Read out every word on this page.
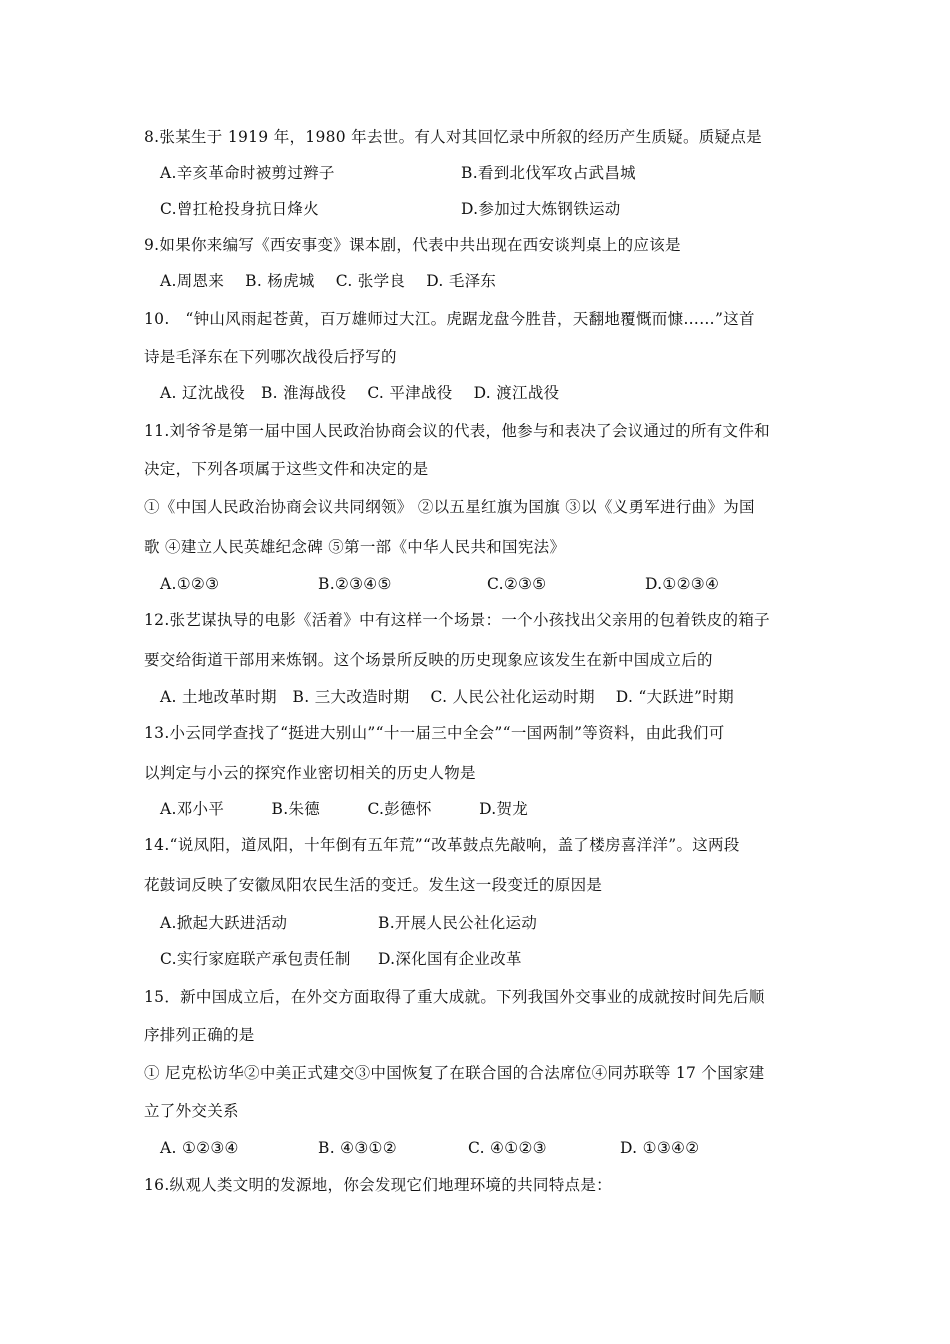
8.张某生于 1919 年，1980 年去世。有人对其回忆录中所叙的经历产生质疑。质疑点是
A.辛亥革命时被剪过辫子	B.看到北伐军攻占武昌城
C.曾扛枪投身抗日烽火	D.参加过大炼钢铁运动
9.如果你来编写《西安事变》课本剧，代表中共出现在西安谈判桌上的应该是
A.周恩来　 B. 杨虎城　 C. 张学良　 D. 毛泽东
10.　“钟山风雨起苍黄，百万雄师过大江。虎踞龙盘今胜昔，天翻地覆慨而慷……”这首
诗是毛泽东在下列哪次战役后抒写的
A. 辽沈战役　B. 淮海战役　 C. 平津战役　 D. 渡江战役
11.刘爷爷是第一届中国人民政治协商会议的代表，他参与和表决了会议通过的所有文件和
决定，下列各项属于这些文件和决定的是
①《中国人民政治协商会议共同纲领》 ②以五星红旗为国旗 ③以《义勇军进行曲》为国
歌 ④建立人民英雄纪念碑 ⑤第一部《中华人民共和国宪法》
A.①②③	B.②③④⑤	C.②③⑤	D.①②③④
12.张艺谋执导的电影《活着》中有这样一个场景：一个小孩找出父亲用的包着铁皮的箱子
要交给街道干部用来炼钢。这个场景所反映的历史现象应该发生在新中国成立后的
A. 土地改革时期　B. 三大改造时期　 C. 人民公社化运动时期　 D. “大跃进”时期
13.小云同学查找了“挺进大别山”“十一届三中全会”“一国两制”等资料，由此我们可
以判定与小云的探究作业密切相关的历史人物是
A.邓小平　　　B.朱德　　　C.彭德怀　　　D.贺龙
14.“说凤阳，道凤阳，十年倒有五年荒”“改革鼓点先敲响，盖了楼房喜洋洋”。这两段
花鼓词反映了安徽凤阳农民生活的变迁。发生这一段变迁的原因是
A.掀起大跃进活动	B.开展人民公社化运动
C.实行家庭联产承包责任制 D.深化国有企业改革
15．新中国成立后，在外交方面取得了重大成就。下列我国外交事业的成就按时间先后顺
序排列正确的是
① 尼克松访华②中美正式建交③中国恢复了在联合国的合法席位④同苏联等 17 个国家建
立了外交关系
A. ①②③④	B. ④③①②	C. ④①②③	D. ①③④②
16.纵观人类文明的发源地，你会发现它们地理环境的共同特点是：
